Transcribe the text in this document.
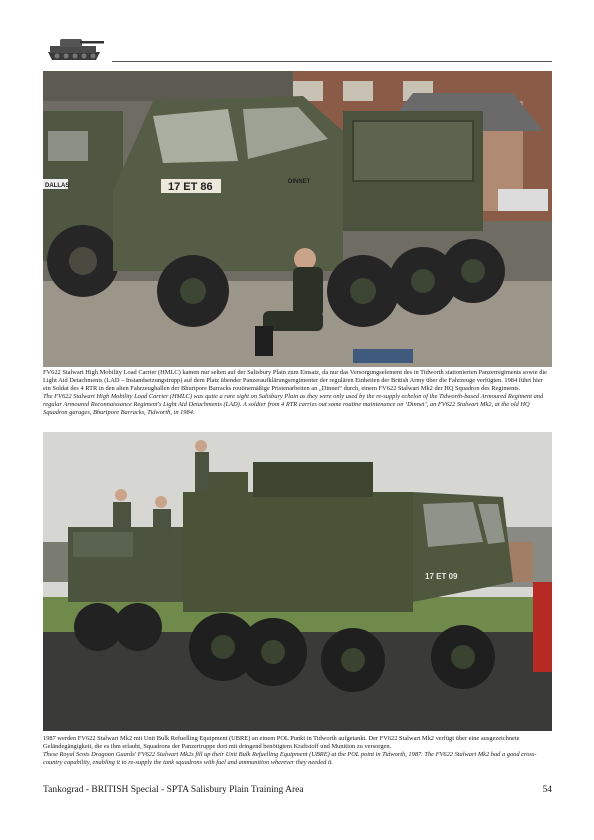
17 ET 86
DALLAS
DINNET

FV622 Stalwart High Mobility Load Carrier (HMLC) kamen nur selten auf der Salisbury Plain zum Einsatz, da nur das Versorgungselement des in Tidworth stationierten Panzerregiments sowie die Light Aid Detachments (LAD – Instandsetzungstrupp) auf dem Platz übender Panzeraufklärungsregimenter der regulären Einheiten der British Army über die Fahrzeuge verfügten. 1984 führt hier ein Soldat des 4 RTR in den alten Fahrzeughallen der Bhurtpore Barracks routinemäßige Pristenarbeiten an „Dinnet“ durch, einem FV622 Stalwart Mk2 der HQ Squadron des Regiments.

The FV622 Stalwart High Mobility Load Carrier (HMLC) was quite a rare sight on Salisbury Plain as they were only used by the re-supply echelon of the Tidworth-based Armoured Regiment and regular Armoured Reconnaissance Regiment's Light Aid Detachments (LAD). A soldier from 4 RTR carries out some routine maintenance on ‘Dinnet’, an FV622 Stalwart Mk2, at the old HQ Squadron garages, Bhurtpore Barracks, Tidworth, in 1984.

17 ET 09

1987 werden FV622 Stalwart Mk2 mit Unit Bulk Refuelling Equipment (UBRE) an einem POL Punkt in Tidworth aufgetankt. Der FV622 Stalwart Mk2 verfügt über eine ausgezeichnete Geländegängigkeit, die es ihm erlaubt, Squadrons der Panzertruppe dort mit dringend benötigtem Kraftstoff und Munition zu versorgen.

These Royal Scots Dragoon Guards' FV622 Stalwart Mk2s fill up their Unit Bulk Refuelling Equipment (UBRE) at the POL point in Tidworth, 1987. The FV622 Stalwart Mk2 had a good cross-country capability, enabling it to re-supply the tank squadrons with fuel and ammunition wherever they needed it.

Tankograd - BRITISH Special - SPTA Salisbury Plain Training Area	54
